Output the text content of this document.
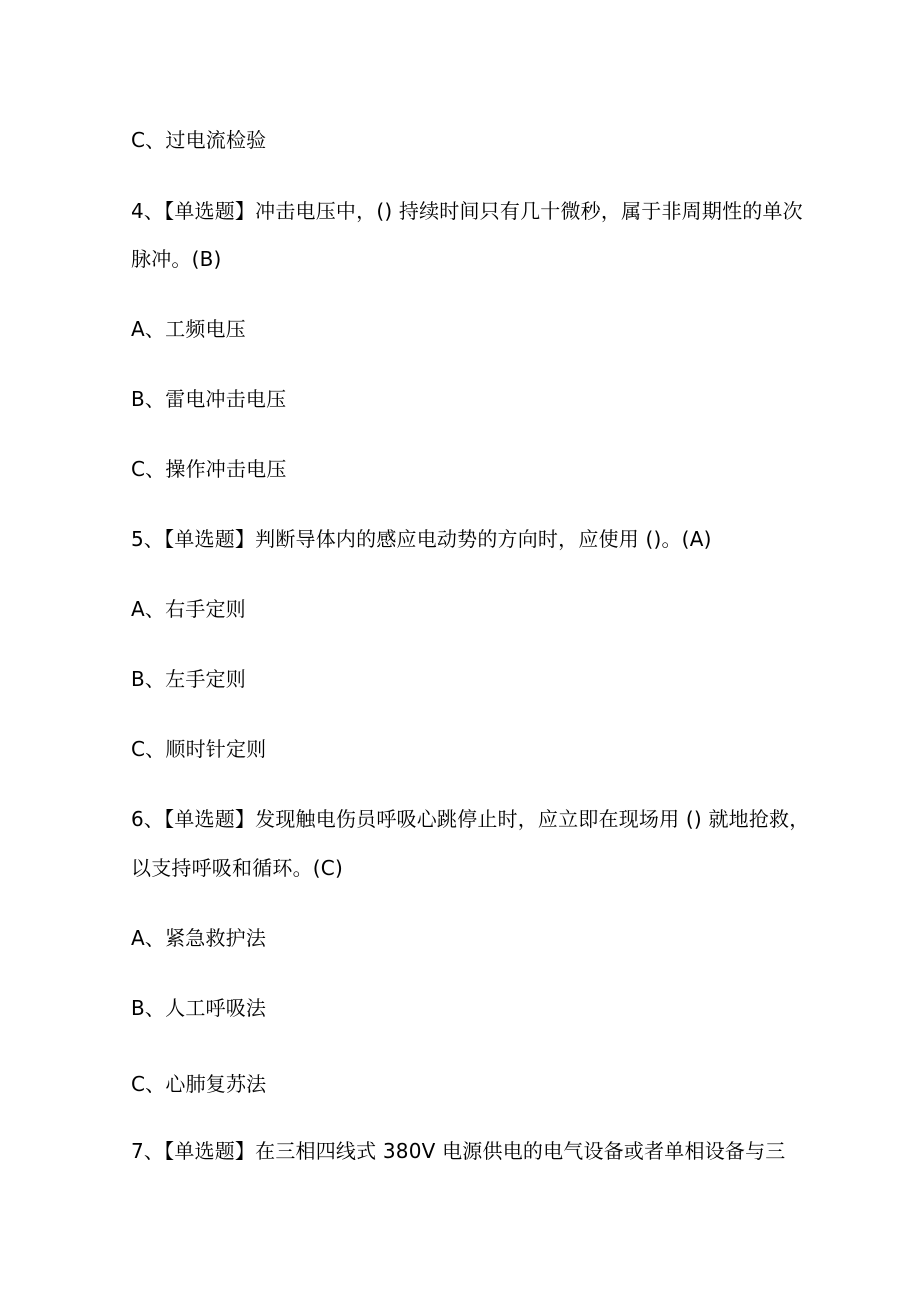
C、过电流检验
4、【单选题】冲击电压中，() 持续时间只有几十微秒，属于非周期性的单次
脉冲。(B)
A、工频电压
B、雷电冲击电压
C、操作冲击电压
5、【单选题】判断导体内的感应电动势的方向时，应使用 ()。(A)
A、右手定则
B、左手定则
C、顺时针定则
6、【单选题】发现触电伤员呼吸心跳停止时，应立即在现场用 () 就地抢救，
以支持呼吸和循环。(C)
A、紧急救护法
B、人工呼吸法
C、心肺复苏法
7、【单选题】在三相四线式 380V 电源供电的电气设备或者单相设备与三
